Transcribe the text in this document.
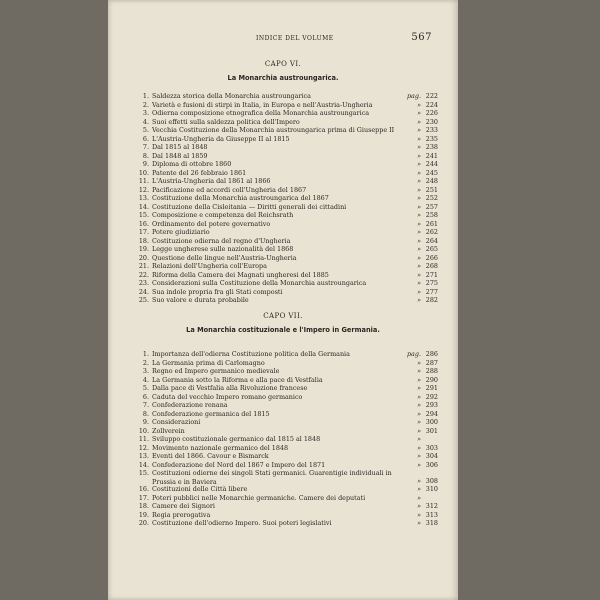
INDICE DEL VOLUME	567
CAPO VI.
La Monarchia austroungarica.
1. Saldezza storica della Monarchia austroungarica	pag. 222
2. Varietà e fusioni di stirpi in Italia, in Europa e nell'Austria-Ungheria	» 224
3. Odierna composizione etnografica della Monarchia austroungarica	» 226
4. Suoi effetti sulla saldezza politica dell'Impero	» 230
5. Vecchia Costituzione della Monarchia austroungarica prima di Giuseppe II	» 233
6. L'Austria-Ungheria da Giuseppe II al 1815	» 235
7. Dal 1815 al 1848	» 238
8. Dal 1848 al 1859	» 241
9. Diploma di ottobre 1860	» 244
10. Patente del 26 febbraio 1861	» 245
11. L'Austria-Ungheria dal 1861 al 1866	» 248
12. Pacificazione ed accordi coll'Ungheria del 1867	» 251
13. Costituzione della Monarchia austroungarica del 1867	» 252
14. Costituzione della Cisleitania — Diritti generali dei cittadini	» 257
15. Composizione e competenza del Reichsrath	» 258
16. Ordinamento del potere governativo	» 261
17. Potere giudiziario	» 262
18. Costituzione odierna del regno d'Ungheria	» 264
19. Legge ungherese sulle nazionalità del 1868	» 265
20. Questione delle lingue nell'Austria-Ungheria	» 266
21. Relazioni dell'Ungheria coll'Europa	» 268
22. Riforma della Camera dei Magnati ungheresi del 1885	» 271
23. Considerazioni sulla Costituzione della Monarchia austroungarica	» 275
24. Sua indole propria fra gli Stati composti	» 277
25. Suo valore e durata probabile	» 282
CAPO VII.
La Monarchia costituzionale e l'Impero in Germania.
1. Importanza dell'odierna Costituzione politica della Germania	pag. 286
2. La Germania prima di Carlomagno	» 287
3. Regno ed Impero germanico medievale	» 288
4. La Germania sotto la Riforma e alla pace di Vestfalia	» 290
5. Dalla pace di Vestfalia alla Rivoluzione francese	» 291
6. Caduta del vecchio Impero romano germanico	» 292
7. Confederazione renana	» 293
8. Confederazione germanica del 1815	» 294
9. Considerazioni	» 300
10. Zollverein	» 301
11. Sviluppo costituzionale germanico dal 1815 al 1848	»
12. Movimento nazionale germanico del 1848	» 303
13. Eventi del 1866. Cavour e Bismarck	» 304
14. Confederazione del Nord del 1867 e Impero del 1871	» 306
15. Costituzioni odierne dei singoli Stati germanici. Guarentigie individuali in Prussia e in Baviera	» 308
16. Costituzioni delle Città libere	» 310
17. Poteri pubblici nelle Monarchie germaniche. Camere dei deputati	»
18. Camere dei Signori	» 312
19. Regia prerogativa	» 313
20. Costituzione dell'odierno Impero. Suoi poteri legislativi	» 318
